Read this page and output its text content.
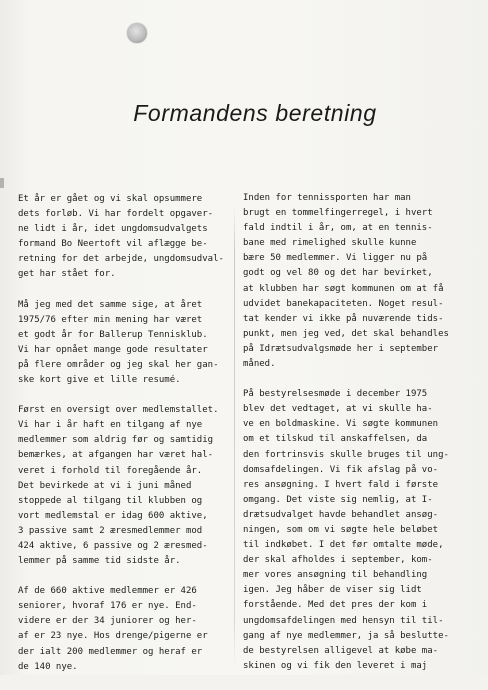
Formandens beretning
Et år er gået og vi skal opsummere
dets forløb. Vi har fordelt opgaver-
ne lidt i år, idet ungdomsudvalgets
formand Bo Neertoft vil aflægge be-
retning for det arbejde, ungdomsudval-
get har stået for.
Må jeg med det samme sige, at året
1975/76 efter min mening har været
et godt år for Ballerup Tennisklub.
Vi har opnået mange gode resultater
på flere områder og jeg skal her gan-
ske kort give et lille resumé.
Først en oversigt over medlemstallet.
Vi har i år haft en tilgang af nye
medlemmer som aldrig før og samtidig
bemærkes, at afgangen har været hal-
veret i forhold til foregående år.
Det bevirkede at vi i juni måned
stoppede al tilgang til klubben og
vort medlemstal er idag 600 aktive,
3 passive samt 2 æresmedlemmer mod
424 aktive, 6 passive og 2 æresmed-
lemmer på samme tid sidste år.
Af de 660 aktive medlemmer er 426
seniorer, hvoraf 176 er nye. End-
videre er der 34 juniorer og her-
af er 23 nye. Hos drenge/pigerne er
der ialt 200 medlemmer og heraf er
de 140 nye.
Inden for tennissporten har man
brugt en tommelfingerregel, i hvert
fald indtil i år, om, at en tennis-
bane med rimelighed skulle kunne
bære 50 medlemmer. Vi ligger nu på
godt og vel 80 og det har bevirket,
at klubben har søgt kommunen om at få
udvidet banekapaciteten. Noget resul-
tat kender vi ikke på nuværende tids-
punkt, men jeg ved, det skal behandles
på Idrætsudvalgsmøde her i september
måned.
På bestyrelsesmøde i december 1975
blev det vedtaget, at vi skulle ha-
ve en boldmaskine. Vi søgte kommunen
om et tilskud til anskaffelsen, da
den fortrinsvis skulle bruges til ung-
domsafdelingen. Vi fik afslag på vo-
res ansøgning. I hvert fald i første
omgang. Det viste sig nemlig, at I-
drætsudvalget havde behandlet ansøg-
ningen, som om vi søgte hele beløbet
til indkøbet. I det før omtalte møde,
der skal afholdes i september, kom-
mer vores ansøgning til behandling
igen. Jeg håber de viser sig lidt
forstående. Med det pres der kom i
ungdomsafdelingen med hensyn til til-
gang af nye medlemmer, ja så beslutte-
de bestyrelsen alligevel at købe ma-
skinen og vi fik den leveret i maj
